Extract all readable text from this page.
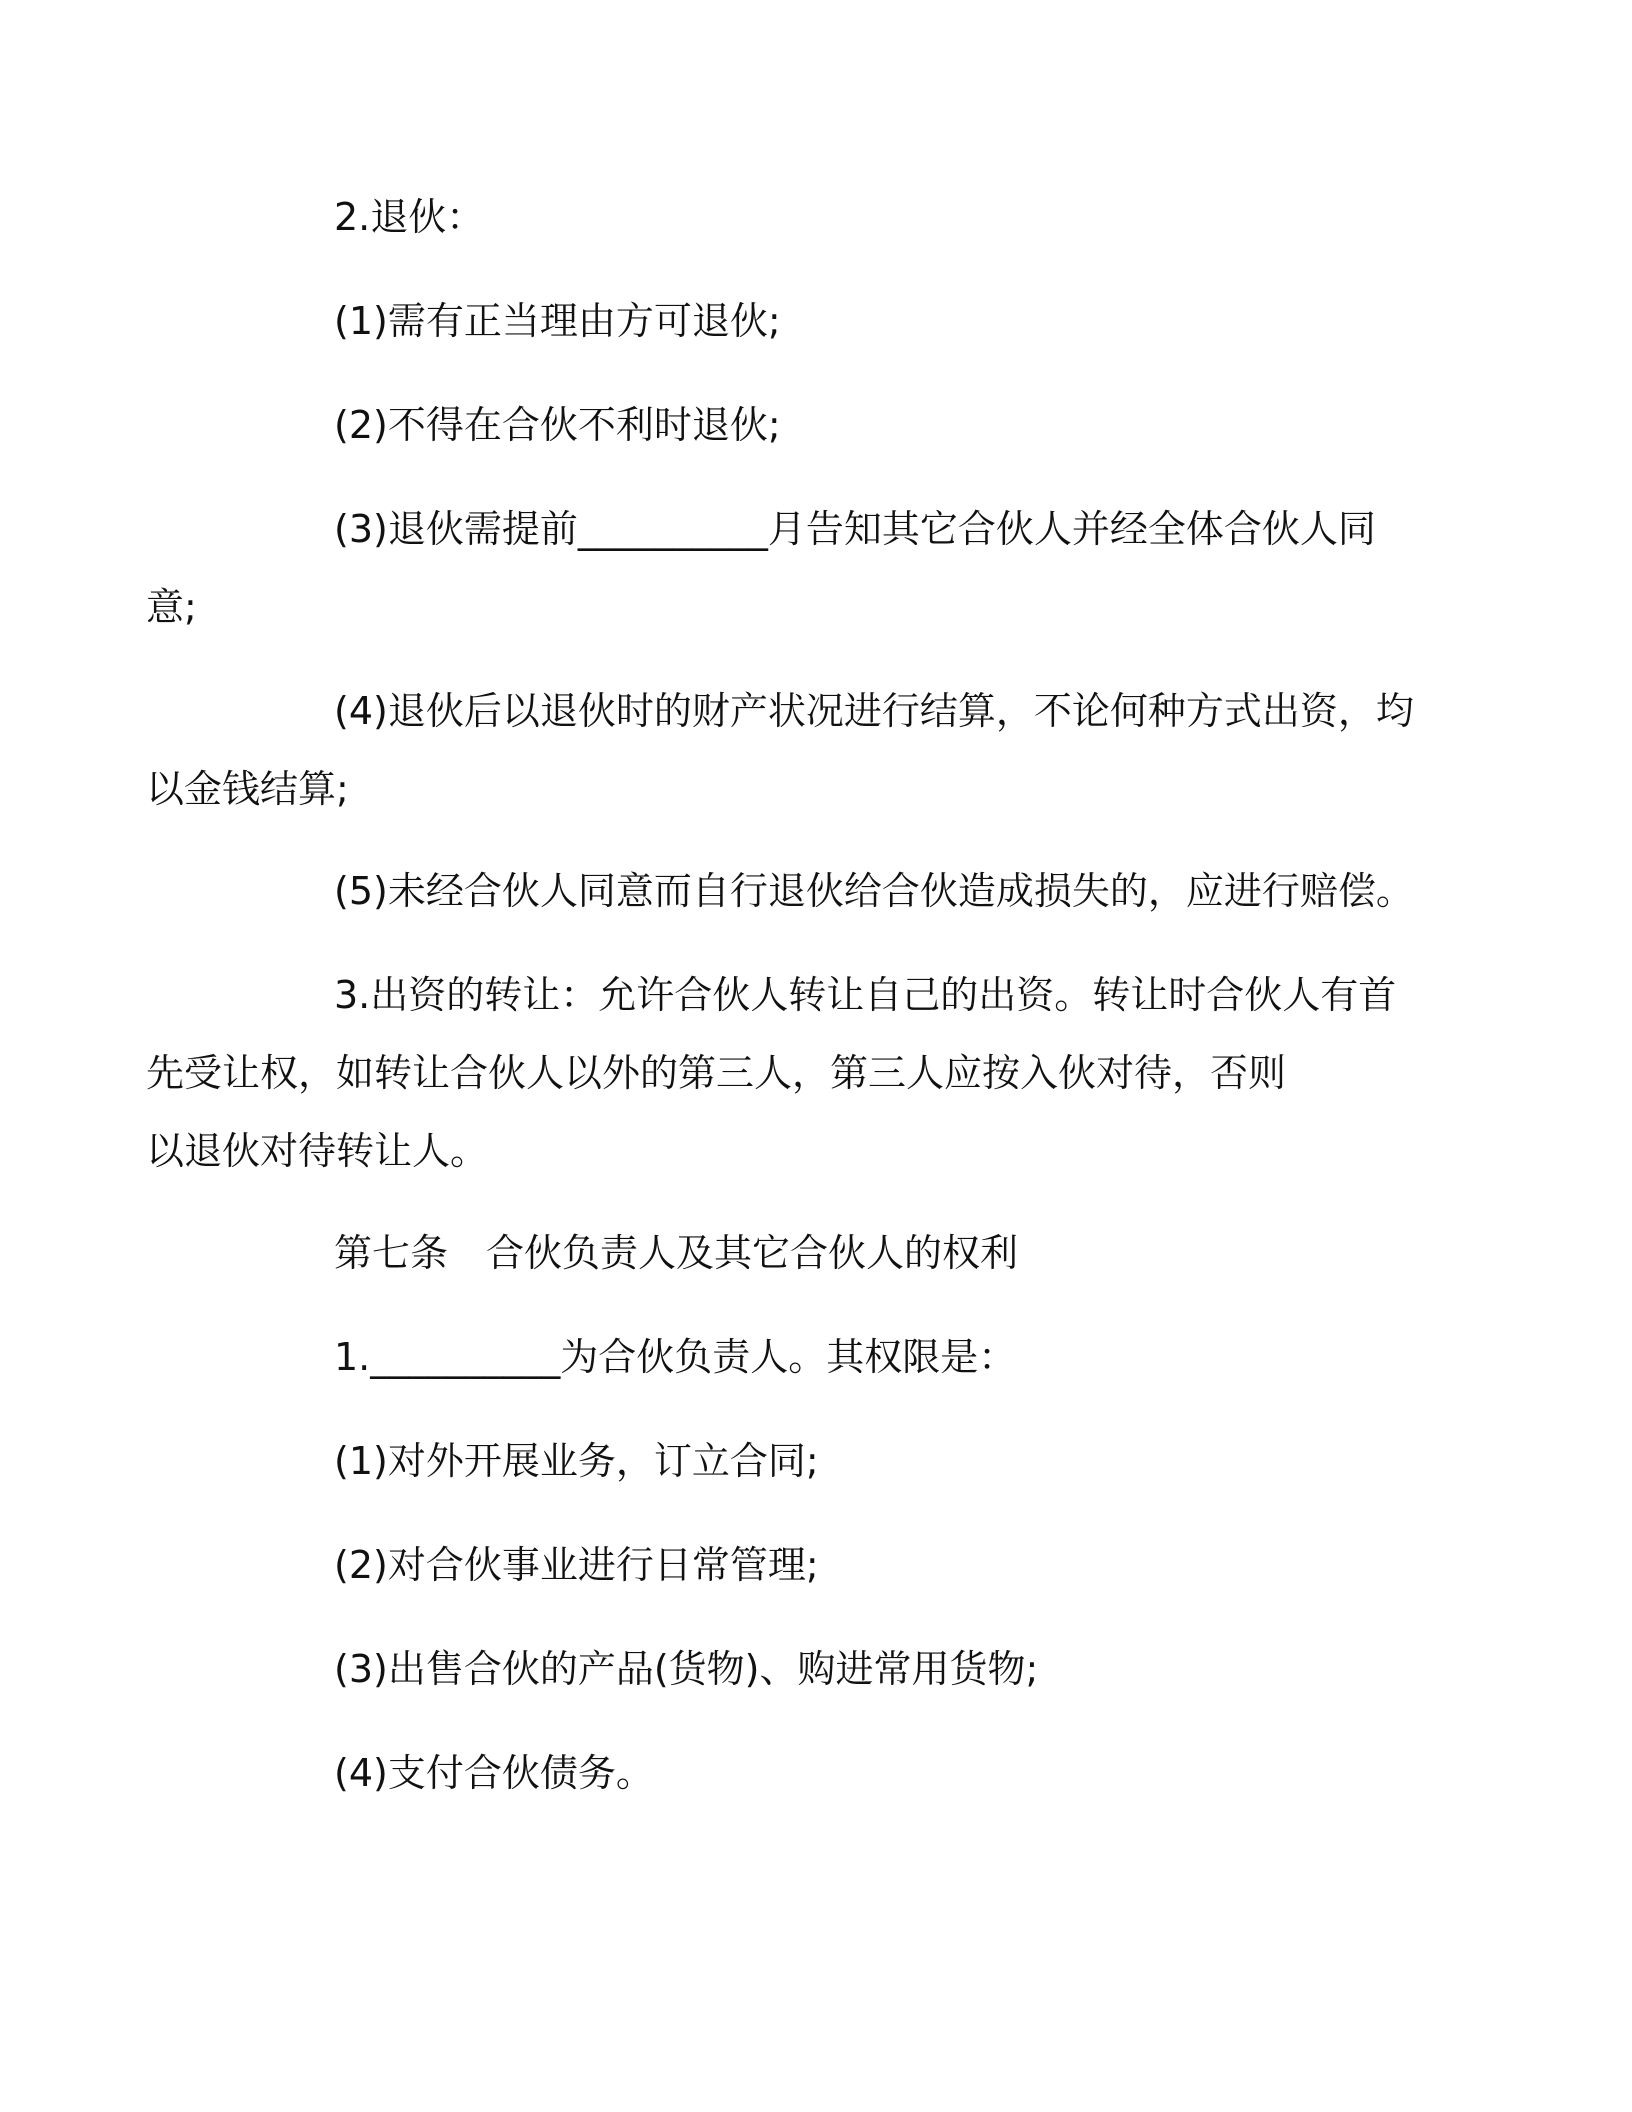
2.退伙：
(1)需有正当理由方可退伙;
(2)不得在合伙不利时退伙;
(3)退伙需提前__________月告知其它合伙人并经全体合伙人同
意;
(4)退伙后以退伙时的财产状况进行结算，不论何种方式出资，均
以金钱结算;
(5)未经合伙人同意而自行退伙给合伙造成损失的，应进行赔偿。
3.出资的转让：允许合伙人转让自己的出资。转让时合伙人有首
先受让权，如转让合伙人以外的第三人，第三人应按入伙对待，否则
以退伙对待转让人。
第七条　合伙负责人及其它合伙人的权利
1.__________为合伙负责人。其权限是：
(1)对外开展业务，订立合同;
(2)对合伙事业进行日常管理;
(3)出售合伙的产品(货物)、购进常用货物;
(4)支付合伙债务。
